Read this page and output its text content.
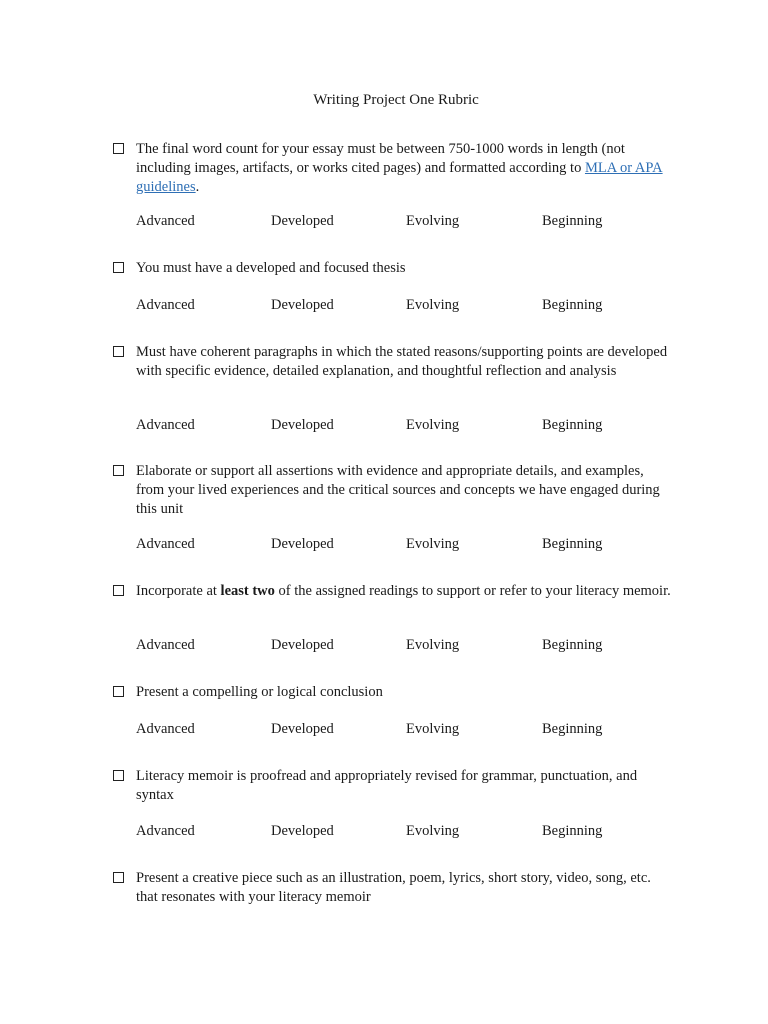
Writing Project One Rubric
The final word count for your essay must be between 750-1000 words in length (not including images, artifacts, or works cited pages) and formatted according to MLA or APA guidelines.
Advanced	Developed	Evolving	Beginning
You must have a developed and focused thesis
Advanced	Developed	Evolving	Beginning
Must have coherent paragraphs in which the stated reasons/supporting points are developed with specific evidence, detailed explanation, and thoughtful reflection and analysis
Advanced	Developed	Evolving	Beginning
Elaborate or support all assertions with evidence and appropriate details, and examples, from your lived experiences and the critical sources and concepts we have engaged during this unit
Advanced	Developed	Evolving	Beginning
Incorporate at least two of the assigned readings to support or refer to your literacy memoir.
Advanced	Developed	Evolving	Beginning
Present a compelling or logical conclusion
Advanced	Developed	Evolving	Beginning
Literacy memoir is proofread and appropriately revised for grammar, punctuation, and syntax
Advanced	Developed	Evolving	Beginning
Present a creative piece such as an illustration, poem, lyrics, short story, video, song, etc. that resonates with your literacy memoir
